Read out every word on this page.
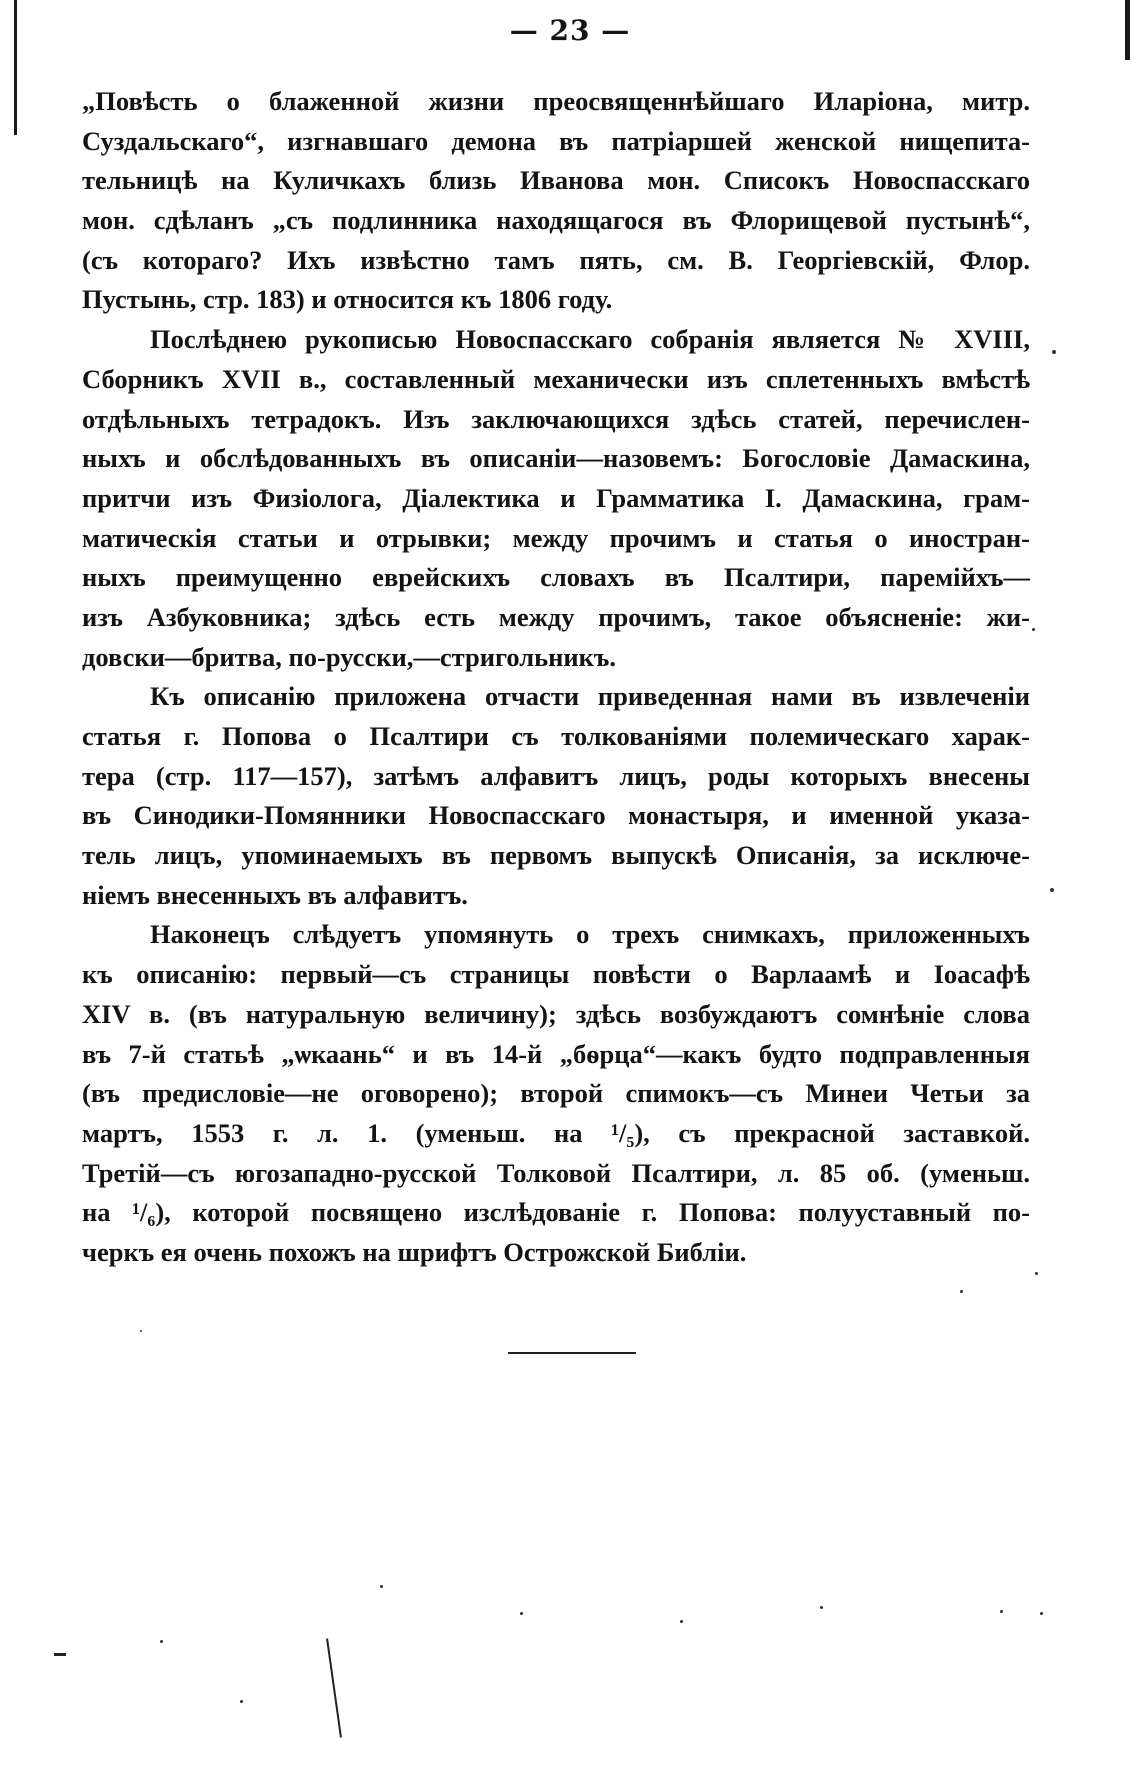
— 23 —
„Повѣсть о блаженной жизни преосвященнѣйшаго Иларіона, митр.
Суздальскаго“, изгнавшаго демона въ патріаршей женской нищепита-
тельницѣ на Куличкахъ близь Иванова мон. Списокъ Новоспасскаго
мон. сдѣланъ „съ подлинника находящагося въ Флорищевой пустынѣ“,
(съ котораго? Ихъ извѣстно тамъ пять, см. В. Георгіевскій, Флор.
Пустынь, стр. 183) и относится къ 1806 году.
Послѣднею рукописью Новоспасскаго собранія является № XVIII,
Сборникъ XVII в., составленный механически изъ сплетенныхъ вмѣстѣ
отдѣльныхъ тетрадокъ. Изъ заключающихся здѣсь статей, перечислен-
ныхъ и обслѣдованныхъ въ описаніи—назовемъ: Богословіе Дамаскина,
притчи изъ Физіолога, Діалектика и Грамматика І. Дамаскина, грам-
матическія статьи и отрывки; между прочимъ и статья о иностран-
ныхъ преимущенно еврейскихъ словахъ въ Псалтири, паремійхъ—
изъ Азбуковника; здѣсь есть между прочимъ, такое объясненіе: жи-
довски—бритва, по-русски,—стригольникъ.
Къ описанію приложена отчасти приведенная нами въ извлеченіи
статья г. Попова о Псалтири съ толкованіями полемическаго харак-
тера (стр. 117—157), затѣмъ алфавитъ лицъ, роды которыхъ внесены
въ Синодики-Помянники Новоспасскаго монастыря, и именной указа-
тель лицъ, упоминаемыхъ въ первомъ выпускѣ Описанія, за исключе-
ніемъ внесенныхъ въ алфавитъ.
Наконецъ слѣдуетъ упомянуть о трехъ снимкахъ, приложенныхъ
къ описанію: первый—съ страницы повѣсти о Варлаамѣ и Іоасафѣ
XIV в. (въ натуральную величину); здѣсь возбуждаютъ сомнѣніе слова
въ 7-й статьѣ „ѡкаань“ и въ 14-й „бѳрца“—какъ будто подправленныя
(въ предисловіе—не оговорено); второй спимокъ—съ Минеи Четьи за
мартъ, 1553 г. л. 1. (уменьш. на ¹/₅), съ прекрасной заставкой.
Третій—съ югозападно-русской Толковой Псалтири, л. 85 об. (уменьш.
на ¹/₆), которой посвящено изслѣдованіе г. Попова: полууставный по-
черкъ ея очень похожъ на шрифтъ Острожской Библіи.
